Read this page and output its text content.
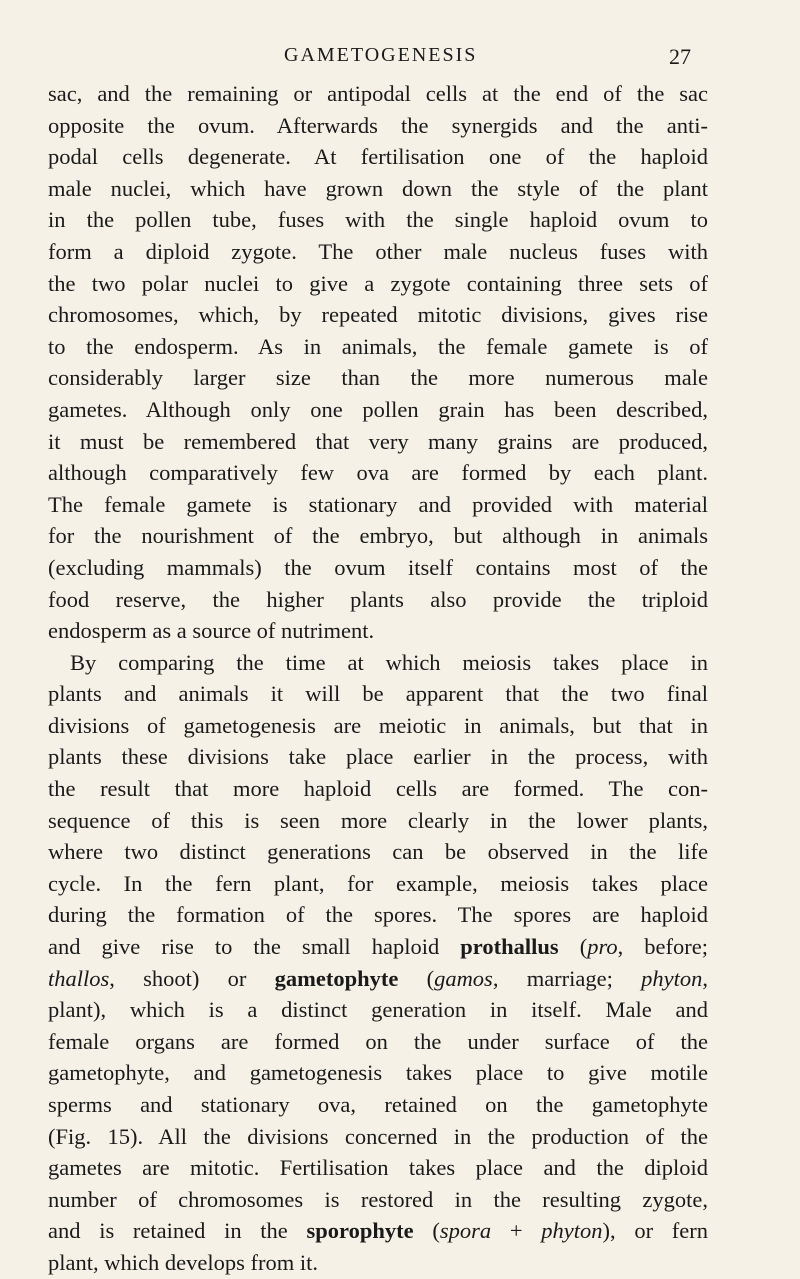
GAMETOGENESIS	27
sac, and the remaining or antipodal cells at the end of the sac
opposite the ovum. Afterwards the synergids and the anti-
podal cells degenerate. At fertilisation one of the haploid
male nuclei, which have grown down the style of the plant
in the pollen tube, fuses with the single haploid ovum to
form a diploid zygote. The other male nucleus fuses with
the two polar nuclei to give a zygote containing three sets of
chromosomes, which, by repeated mitotic divisions, gives rise
to the endosperm. As in animals, the female gamete is of
considerably larger size than the more numerous male
gametes. Although only one pollen grain has been described,
it must be remembered that very many grains are produced,
although comparatively few ova are formed by each plant.
The female gamete is stationary and provided with material
for the nourishment of the embryo, but although in animals
(excluding mammals) the ovum itself contains most of the
food reserve, the higher plants also provide the triploid
endosperm as a source of nutriment.
By comparing the time at which meiosis takes place in
plants and animals it will be apparent that the two final
divisions of gametogenesis are meiotic in animals, but that in
plants these divisions take place earlier in the process, with
the result that more haploid cells are formed. The con-
sequence of this is seen more clearly in the lower plants,
where two distinct generations can be observed in the life
cycle. In the fern plant, for example, meiosis takes place
during the formation of the spores. The spores are haploid
and give rise to the small haploid prothallus (pro, before;
thallos, shoot) or gametophyte (gamos, marriage; phyton,
plant), which is a distinct generation in itself. Male and
female organs are formed on the under surface of the
gametophyte, and gametogenesis takes place to give motile
sperms and stationary ova, retained on the gametophyte
(Fig. 15). All the divisions concerned in the production of the
gametes are mitotic. Fertilisation takes place and the diploid
number of chromosomes is restored in the resulting zygote,
and is retained in the sporophyte (spora + phyton), or fern
plant, which develops from it.
